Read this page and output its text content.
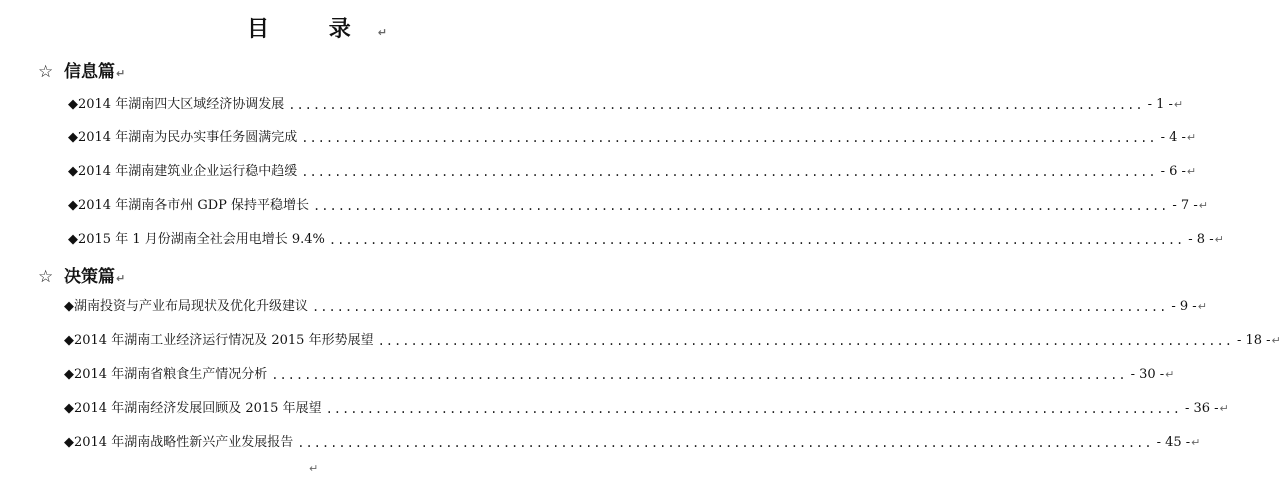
目 录↵
☆ 信息篇↵
◆2014 年湖南四大区域经济协调发展 ........................................................................................................ - 1 - ↵
◆2014 年湖南为民办实事任务圆满完成 ........................................................................................................ - 4 - ↵
◆2014 年湖南建筑业企业运行稳中趋缓 ........................................................................................................ - 6 - ↵
◆2014 年湖南各市州 GDP 保持平稳增长 ........................................................................................................ - 7 - ↵
◆2015 年 1 月份湖南全社会用电增长 9.4% ........................................................................................................ - 8 - ↵
☆ 决策篇↵
◆湖南投资与产业布局现状及优化升级建议 ........................................................................................................ - 9 - ↵
◆2014 年湖南工业经济运行情况及 2015 年形势展望 ........................................................................................................ - 18 - ↵
◆2014 年湖南省粮食生产情况分析 ........................................................................................................ - 30 - ↵
◆2014 年湖南经济发展回顾及 2015 年展望 ........................................................................................................ - 36 - ↵
◆2014 年湖南战略性新兴产业发展报告 ........................................................................................................ - 45 - ↵
↵
